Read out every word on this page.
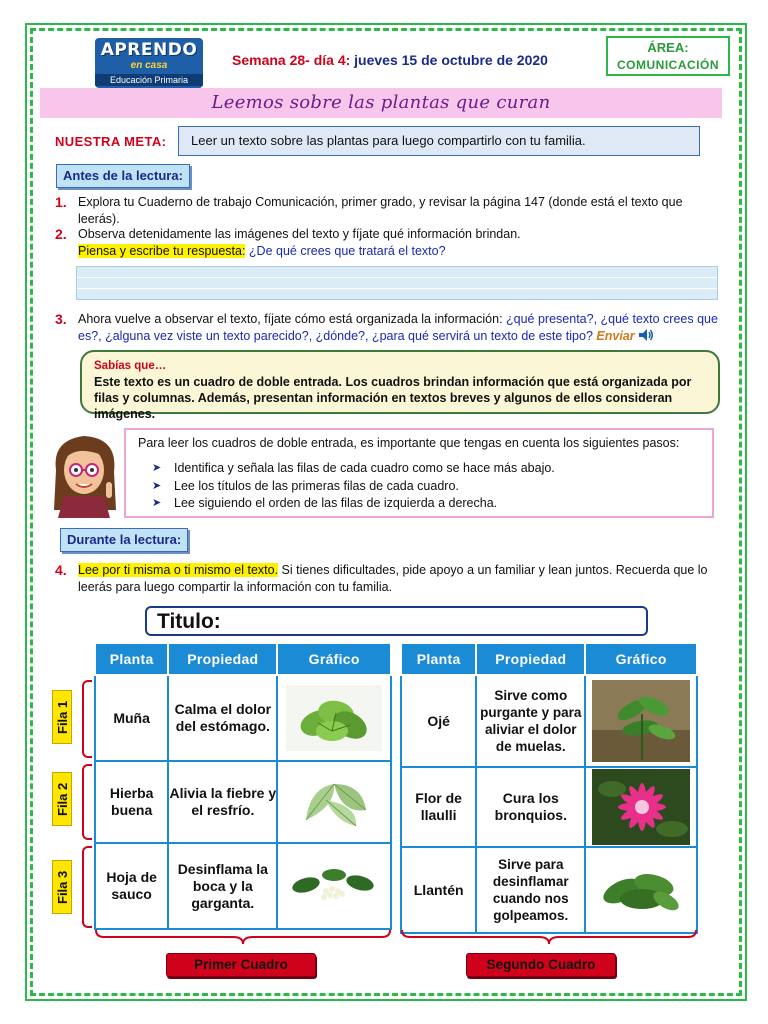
APRENDO
en casa
Educación Primaria
Semana 28- día 4: jueves 15 de octubre de 2020
ÁREA:
COMUNICACIÓN
Leemos sobre las plantas que curan
NUESTRA META:	Leer un texto sobre las plantas para luego compartirlo con tu familia.
Antes de la lectura:
1. Explora tu Cuaderno de trabajo Comunicación, primer grado, y revisar la página 147 (donde está el texto que leerás).
2. Observa detenidamente las imágenes del texto y fíjate qué información brindan.
Piensa y escribe tu respuesta: ¿De qué crees que tratará el texto?
3. Ahora vuelve a observar el texto, fíjate cómo está organizada la información: ¿qué presenta?, ¿qué texto crees que es?, ¿alguna vez viste un texto parecido?, ¿dónde?, ¿para qué servirá un texto de este tipo? Enviar
Sabías que…
Este texto es un cuadro de doble entrada. Los cuadros brindan información que está organizada por filas y columnas. Además, presentan información en textos breves y algunos de ellos consideran imágenes.
Para leer los cuadros de doble entrada, es importante que tengas en cuenta los siguientes pasos:
➤ Identifica y señala las filas de cada cuadro como se hace más abajo.
➤ Lee los títulos de las primeras filas de cada cuadro.
➤ Lee siguiendo el orden de las filas de izquierda a derecha.
Durante la lectura:
4. Lee por ti misma o ti mismo el texto. Si tienes dificultades, pide apoyo a un familiar y lean juntos. Recuerda que lo leerás para luego compartir la información con tu familia.
Titulo:
Fila 1
Fila 2
Fila 3
Planta	Propiedad	Gráfico
Muña	Calma el dolor del estómago.	

Hierba buena	Alivia la fiebre y el resfrío.	

Hoja de sauco	Desinflama la boca y la garganta.	
Planta	Propiedad	Gráfico
Ojé	Sirve como purgante y para aliviar el dolor de muelas.	

Flor de llaulli	Cura los bronquios.	

Llantén	Sirve para desinflamar cuando nos golpeamos.	
Primer Cuadro	Segundo Cuadro
